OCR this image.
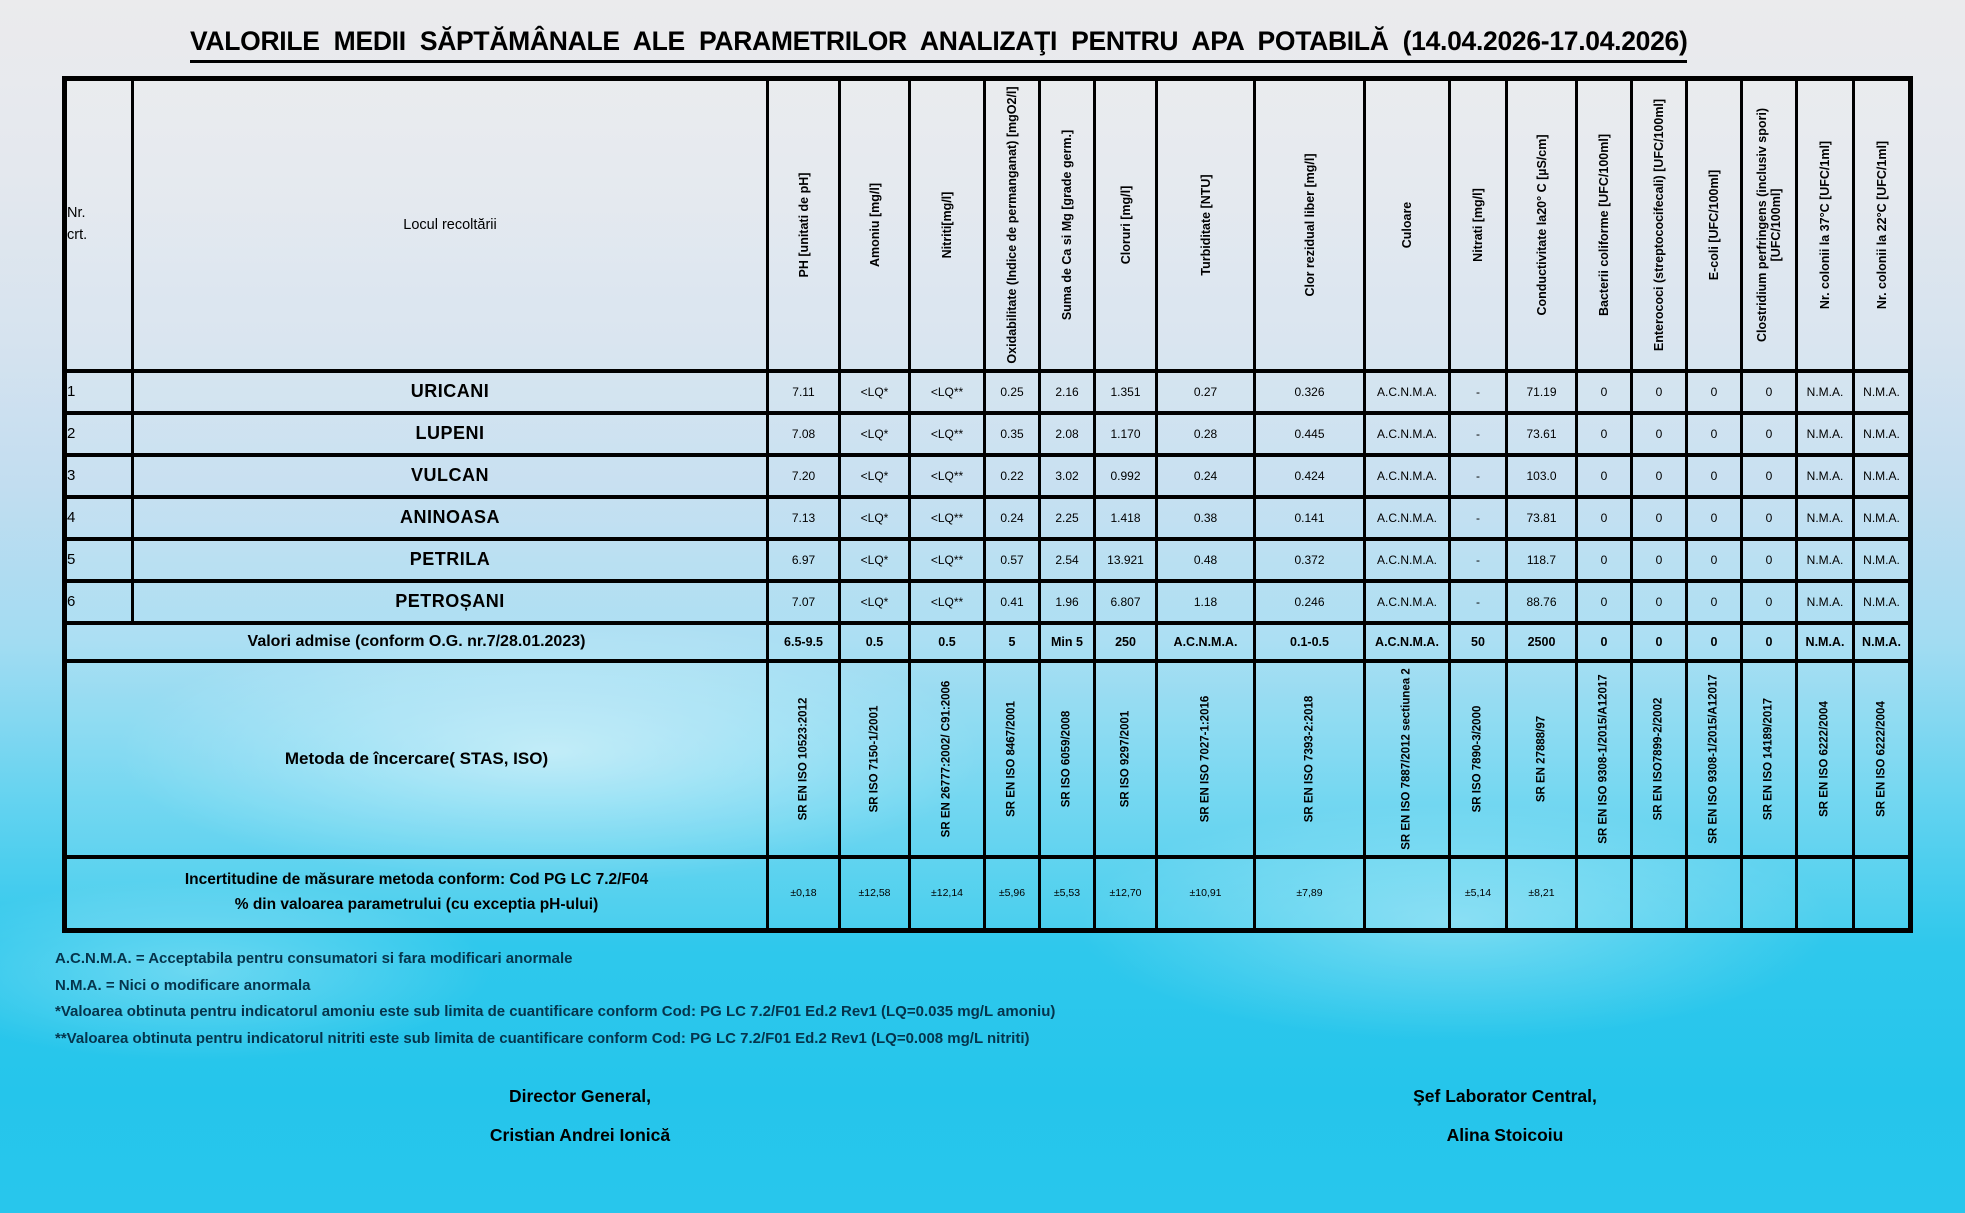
VALORILE MEDII SĂPTĂMÂNALE ALE PARAMETRILOR ANALIZAŢI PENTRU APA POTABILĂ (14.04.2026-17.04.2026)
Nr.
crt.	Locul recoltării	PH [unitati de pH]	Amoniu [mg/l]	Nitriti[mg/l]	Oxidabilitate (Indice de permanganat) [mgO2/l]	Suma de Ca si Mg [grade germ.]	Cloruri [mg/l]	Turbiditate [NTU]	Clor rezidual liber [mg/l]	Culoare	Nitrati [mg/l]	Conductivitate la20° C [µS/cm]	Bacterii coliforme [UFC/100ml]	Enterococi (streptococifecali) [UFC/100ml]	E-coli [UFC/100ml]	Clostridium perfringens (inclusiv spori) [UFC/100ml]	Nr. colonii la 37°C [UFC/1ml]	Nr. colonii la 22°C [UFC/1ml]

1	URICANI	7.11	<LQ*	<LQ**	0.25	2.16	1.351	0.27	0.326	A.C.N.M.A.	-	71.19	0	0	0	0	N.M.A.	N.M.A.
2	LUPENI	7.08	<LQ*	<LQ**	0.35	2.08	1.170	0.28	0.445	A.C.N.M.A.	-	73.61	0	0	0	0	N.M.A.	N.M.A.
3	VULCAN	7.20	<LQ*	<LQ**	0.22	3.02	0.992	0.24	0.424	A.C.N.M.A.	-	103.0	0	0	0	0	N.M.A.	N.M.A.
4	ANINOASA	7.13	<LQ*	<LQ**	0.24	2.25	1.418	0.38	0.141	A.C.N.M.A.	-	73.81	0	0	0	0	N.M.A.	N.M.A.
5	PETRILA	6.97	<LQ*	<LQ**	0.57	2.54	13.921	0.48	0.372	A.C.N.M.A.	-	118.7	0	0	0	0	N.M.A.	N.M.A.
6	PETROȘANI	7.07	<LQ*	<LQ**	0.41	1.96	6.807	1.18	0.246	A.C.N.M.A.	-	88.76	0	0	0	0	N.M.A.	N.M.A.
Valori admise (conform O.G. nr.7/28.01.2023)		6.5-9.5	0.5	0.5	5	Min 5	250	A.C.N.M.A.	0.1-0.5	A.C.N.M.A.	50	2500	0	0	0	0	N.M.A.	N.M.A.
Metoda de încercare( STAS, ISO)		SR EN ISO 10523:2012	SR ISO 7150-1/2001	SR EN 26777:2002/ C91:2006	SR EN ISO 8467/2001	SR ISO 6059/2008	SR ISO 9297/2001	SR EN ISO 7027-1:2016	SR EN ISO 7393-2:2018	SR EN ISO 7887/2012 sectiunea 2	SR ISO 7890-3/2000	SR EN 27888/97	SR EN ISO 9308-1/2015/A12017	SR EN ISO7899-2/2002	SR EN ISO 9308-1/2015/A12017	SR EN ISO 14189/2017	SR EN ISO 6222/2004	SR EN ISO 6222/2004

Incertitudine de măsurare metoda conform: Cod PG LC 7.2/F04
% din valoarea parametrului (cu exceptia pH-ului)		±0,18	±12,58	±12,14	±5,96	±5,53	±12,70	±10,91	±7,89		±5,14	±8,21						
A.C.N.M.A. = Acceptabila pentru consumatori si fara modificari anormale
N.M.A. = Nici o modificare anormala
*Valoarea obtinuta pentru indicatorul amoniu este sub limita de cuantificare conform Cod: PG LC 7.2/F01 Ed.2 Rev1 (LQ=0.035 mg/L amoniu)
**Valoarea obtinuta pentru indicatorul nitriti este sub limita de cuantificare conform Cod: PG LC 7.2/F01 Ed.2 Rev1 (LQ=0.008 mg/L nitriti)
Director General,
Cristian Andrei Ionică
Şef Laborator Central,
Alina Stoicoiu
